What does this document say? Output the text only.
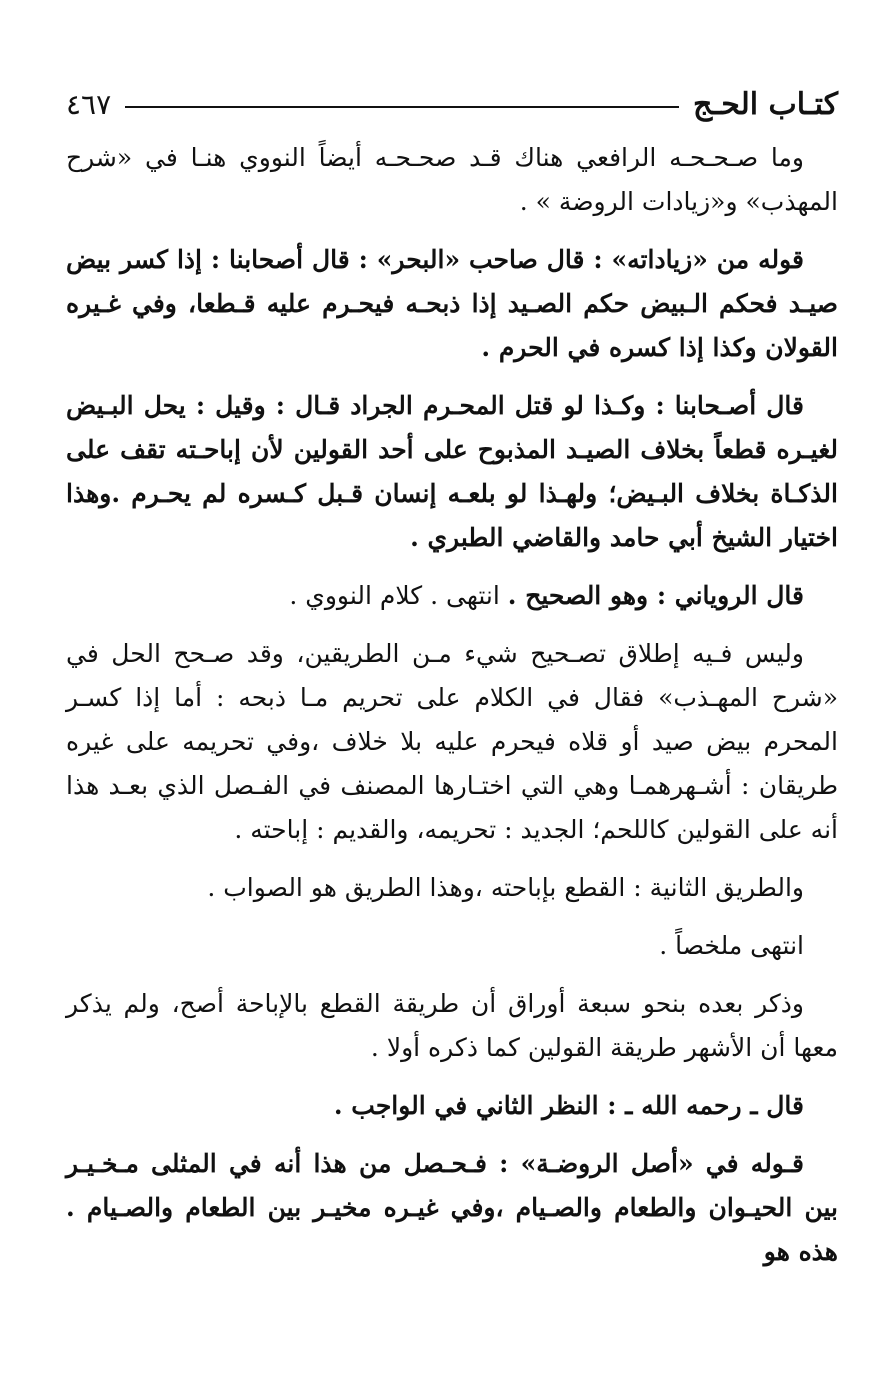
كتـاب الحـج
٤٦٧

وما صـحـحـه الرافعي هناك قـد صحـحـه أيضاً النووي هنـا في «شرح المهذب» و«زيادات الروضة » .

قوله من «زياداته» : قال صاحب «البحر» : قال أصحابنا : إذا كسر بيض صيـد فحكم الـبيض حكم الصـيد إذا ذبحـه فيحـرم عليه قـطعا، وفي غـيره القولان وكذا إذا كسره في الحرم .

قال أصـحابنا : وكـذا لو قتل المحـرم الجراد قـال : وقيل : يحل البـيض لغيـره قطعاً بخلاف الصيـد المذبوح على أحد القولين لأن إباحـته تقف على الذكـاة بخلاف البـيض؛ ولهـذا لو بلعـه إنسان قـبل كـسره لم يحـرم .وهذا اختيار الشيخ أبي حامد والقاضي الطبري .

قال الروياني : وهو الصحيح . انتهى . كلام النووي .

وليس فـيه إطلاق تصـحيح شيء مـن الطريقين، وقد صـحح الحل في «شرح المهـذب» فقال في الكلام على تحريم مـا ذبحه : أما إذا كسـر المحرم بيض صيد أو قلاه فيحرم عليه بلا خلاف ،وفي تحريمه على غيره طريقان : أشـهرهمـا وهي التي اختـارها المصنف في الفـصل الذي بعـد هذا أنه على القولين كاللحم؛ الجديد : تحريمه، والقديم : إباحته .

والطريق الثانية : القطع بإباحته ،وهذا الطريق هو الصواب .

انتهى ملخصاً .

وذكر بعده بنحو سبعة أوراق أن طريقة القطع بالإباحة أصح، ولم يذكر معها أن الأشهر طريقة القولين كما ذكره أولا .

قال ـ رحمه الله ـ : النظر الثاني في الواجب .

قـوله في «أصل الروضـة» : فـحـصل من هذا أنه في المثلى مـخـيـر بين الحيـوان والطعام والصـيام ،وفي غيـره مخيـر بين الطعام والصـيام . هذه هو
